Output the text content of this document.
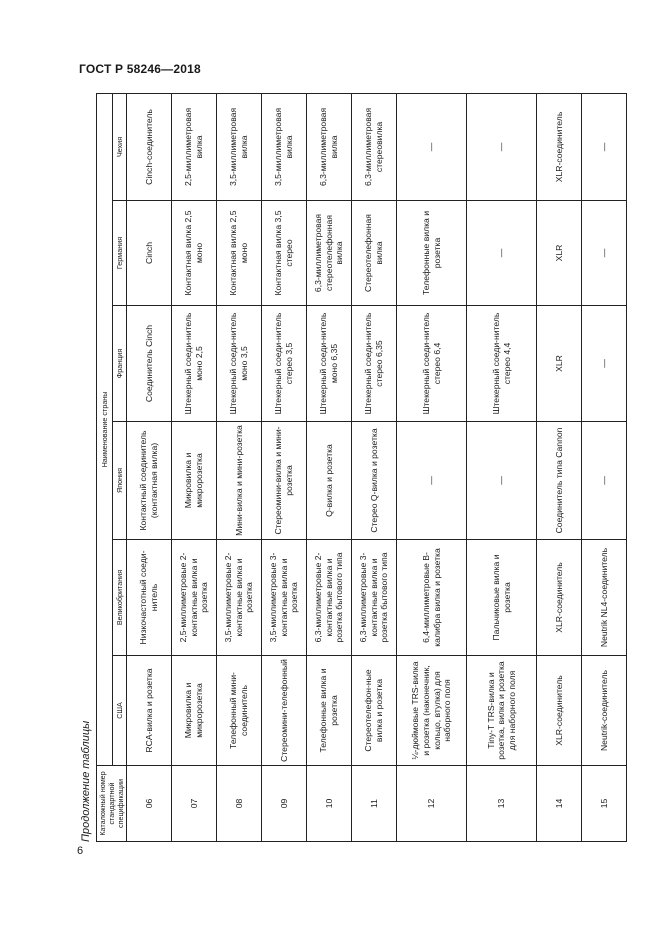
ГОСТ Р 58246—2018
Продолжение таблицы Каталожный номер стандартной спецификации	Наименование страны					
	США	Великобритания	Япония	Франция	Германия	Чехия
06	RCA-вилка и розетка	Низкочастотный соеди-нитель	Контактный соединитель (контактная вилка)	Соединитель Cinch	Cinch	Cinch-соединитель
07	Микровилка и микророзетка	2,5-миллиметровые 2-контактные вилка и розетка	Микровилка и микророзетка	Штекерный соеди-нитель моно 2,5	Контактная вилка 2,5 моно	2,5-миллиметровая вилка
08	Телефонный мини-соединитель	3,5-миллиметровые 2-контактные вилка и розетка	Мини-вилка и мини-розетка	Штекерный соеди-нитель моно 3,5	Контактная вилка 2,5 моно	3,5-миллиметровая вилка
09	Стереомини-телефонный	3,5-миллиметровые 3-контактные вилка и розетка	Стереомини-вилка и мини-розетка	Штекерный соеди-нитель стерео 3,5	Контактная вилка 3,5 стерео	3,5-миллиметровая вилка
10	Телефонные вилка и розетка	6,3-миллиметровые 2-контактные вилка и розетка бытового типа	Q-вилка и розетка	Штекерный соеди-нитель моно 6,35	6,3-миллиметровая стереотелефонная вилка	6,3-миллиметровая вилка
11	Стереотелефон-ные вилка и розетка	6,3-миллиметровые 3-контактные вилка и розетка бытового типа	Стерео Q-вилка и розетка	Штекерный соеди-нитель стерео 6,35	Стереотелефонная вилка	6,3-миллиметровая стереовилка
12	¼-дюймовые TRS-вилка и розетка (наконечник, кольцо, втулка) для наборного поля	6,4-миллиметровые B-калибра вилка и розетка	—	Штекерный соеди-нитель стерео 6,4	Телефонные вилка и розетка	—
13	Tiny-T TRS-вилка и розетка, вилка и розетка для наборного поля	Пальчиковые вилка и розетка	—	Штекерный соеди-нитель стерео 4,4	—	—
14	XLR-соединитель	XLR-соединитель	Соединитель типа Cannon	XLR	XLR	XLR-соединитель
15	Neutrik-соединитель	Neutrik NL4-соединитель	—	—	—	—
6
